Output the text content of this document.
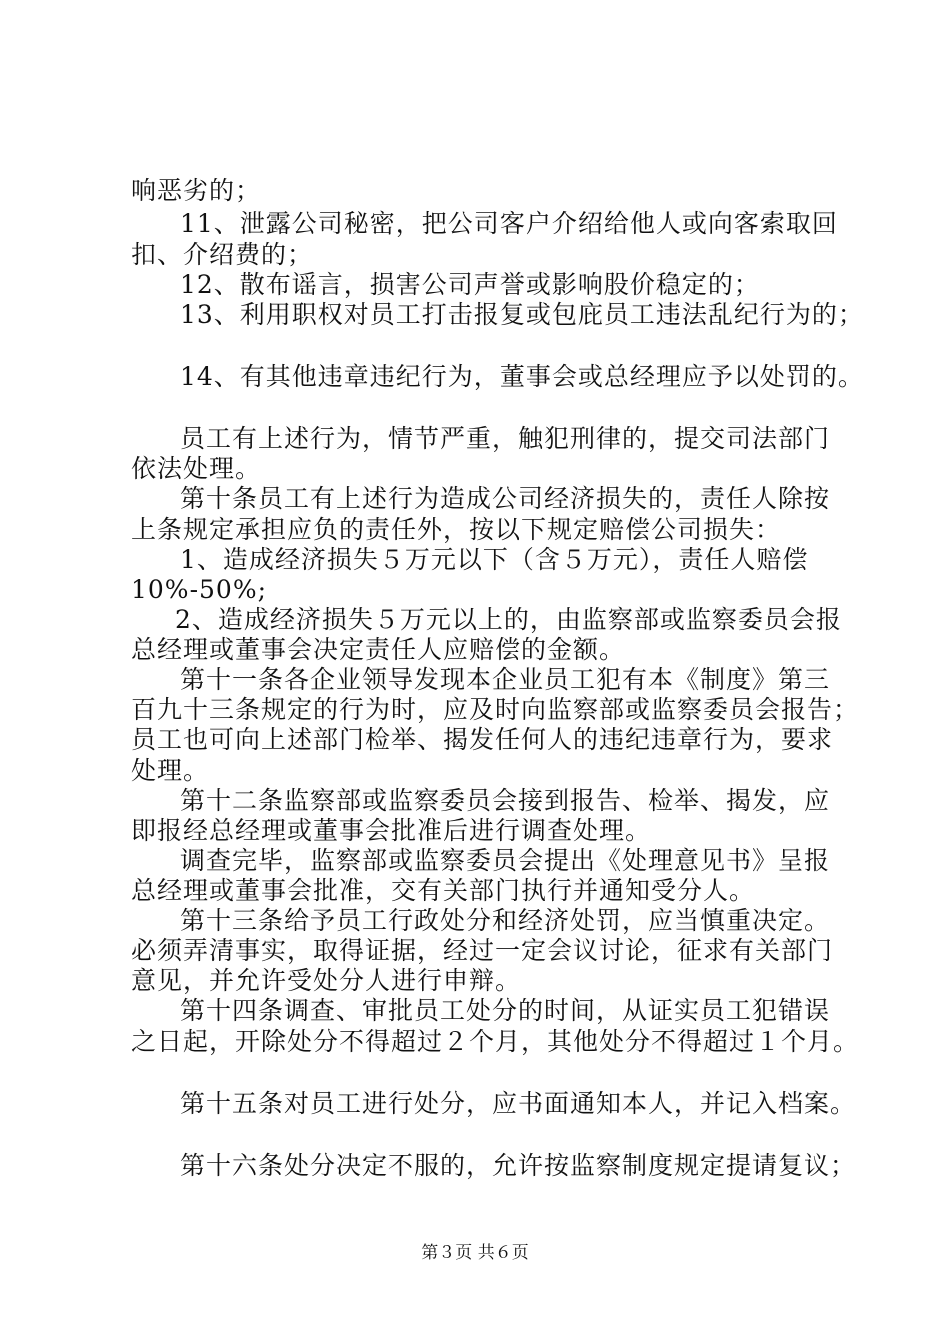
响恶劣的；
11、泄露公司秘密，把公司客户介绍给他人或向客索取回
扣、介绍费的；
12、散布谣言，损害公司声誉或影响股价稳定的；
13、利用职权对员工打击报复或包庇员工违法乱纪行为的；
14、有其他违章违纪行为，董事会或总经理应予以处罚的。
员工有上述行为，情节严重，触犯刑律的，提交司法部门
依法处理。
第十条员工有上述行为造成公司经济损失的，责任人除按
上条规定承担应负的责任外，按以下规定赔偿公司损失：
1、造成经济损失５万元以下（含５万元），责任人赔偿
10%-50%;
2、造成经济损失５万元以上的，由监察部或监察委员会报
总经理或董事会决定责任人应赔偿的金额。
第十一条各企业领导发现本企业员工犯有本《制度》第三
百九十三条规定的行为时，应及时向监察部或监察委员会报告；
员工也可向上述部门检举、揭发任何人的违纪违章行为，要求
处理。
第十二条监察部或监察委员会接到报告、检举、揭发，应
即报经总经理或董事会批准后进行调查处理。
调查完毕，监察部或监察委员会提出《处理意见书》呈报
总经理或董事会批准，交有关部门执行并通知受分人。
第十三条给予员工行政处分和经济处罚，应当慎重决定。
必须弄清事实，取得证据，经过一定会议讨论，征求有关部门
意见，并允许受处分人进行申辩。
第十四条调查、审批员工处分的时间，从证实员工犯错误
之日起，开除处分不得超过２个月，其他处分不得超过１个月。
第十五条对员工进行处分，应书面通知本人，并记入档案。
第十六条处分决定不服的，允许按监察制度规定提请复议；
第３页 共６页
